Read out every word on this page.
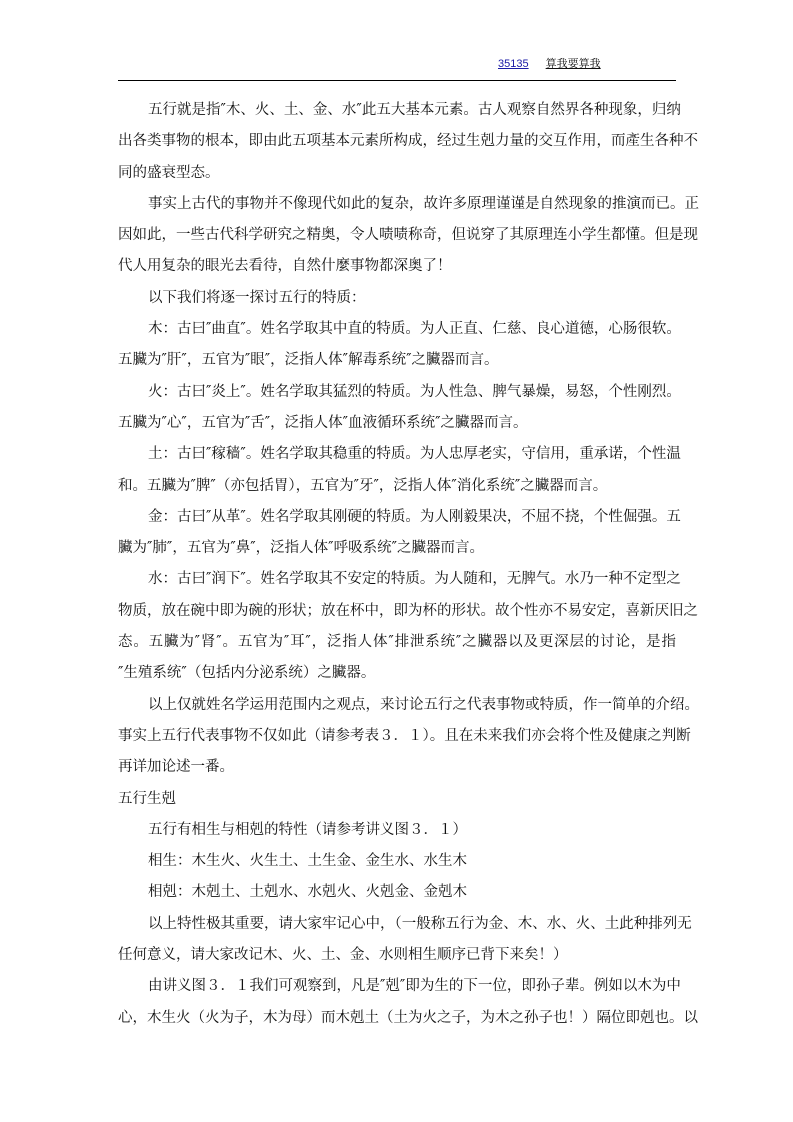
35135 算我要算我
五行就是指″木、火、土、金、水″此五大基本元素。古人观察自然界各种现象，归纳
出各类事物的根本，即由此五项基本元素所构成，经过生剋力量的交互作用，而產生各种不
同的盛衰型态。
事实上古代的事物并不像现代如此的复杂，故许多原理谨谨是自然现象的推演而已。正
因如此，一些古代科学研究之精奥，令人啧啧称奇，但说穿了其原理连小学生都懂。但是现
代人用复杂的眼光去看待，自然什麼事物都深奥了！
以下我们将逐一探讨五行的特质：
木：古曰″曲直″。姓名学取其中直的特质。为人正直、仁慈、良心道德，心肠很软。
五臟为″肝″，五官为″眼″，泛指人体″解毒系统″之臟器而言。
火：古曰″炎上″。姓名学取其猛烈的特质。为人性急、脾气暴燥，易怒，个性刚烈。
五臟为″心″，五官为″舌″，泛指人体″血液循环系统″之臟器而言。
土：古曰″稼穑″。姓名学取其稳重的特质。为人忠厚老实，守信用，重承诺，个性温
和。五臟为″脾″（亦包括胃），五官为″牙″，泛指人体″消化系统″之臟器而言。
金：古曰″从革″。姓名学取其刚硬的特质。为人刚毅果决，不屈不挠，个性倔强。五
臟为″肺″，五官为″鼻″，泛指人体″呼吸系统″之臟器而言。
水：古曰″润下″。姓名学取其不安定的特质。为人随和，无脾气。水乃一种不定型之
物质，放在碗中即为碗的形状；放在杯中，即为杯的形状。故个性亦不易安定，喜新厌旧之
态。五臟为″肾″。五官为″耳″，泛指人体″排泄系统″之臟器以及更深层的讨论，是指
″生殖系统″（包括内分泌系统）之臟器。
以上仅就姓名学运用范围内之观点，来讨论五行之代表事物或特质，作一简单的介绍。
事实上五行代表事物不仅如此（请参考表３．１）。且在未来我们亦会将个性及健康之判断
再详加论述一番。
五行生剋
五行有相生与相剋的特性（请参考讲义图３．１）
相生：木生火、火生土、土生金、金生水、水生木
相剋：木剋土、土剋水、水剋火、火剋金、金剋木
以上特性极其重要，请大家牢记心中，（一般称五行为金、木、水、火、土此种排列无
任何意义，请大家改记木、火、土、金、水则相生顺序已背下来矣！）
由讲义图３．１我们可观察到，凡是″剋″即为生的下一位，即孙子辈。例如以木为中
心，木生火（火为子，木为母）而木剋土（土为火之子，为木之孙子也！）隔位即剋也。以
